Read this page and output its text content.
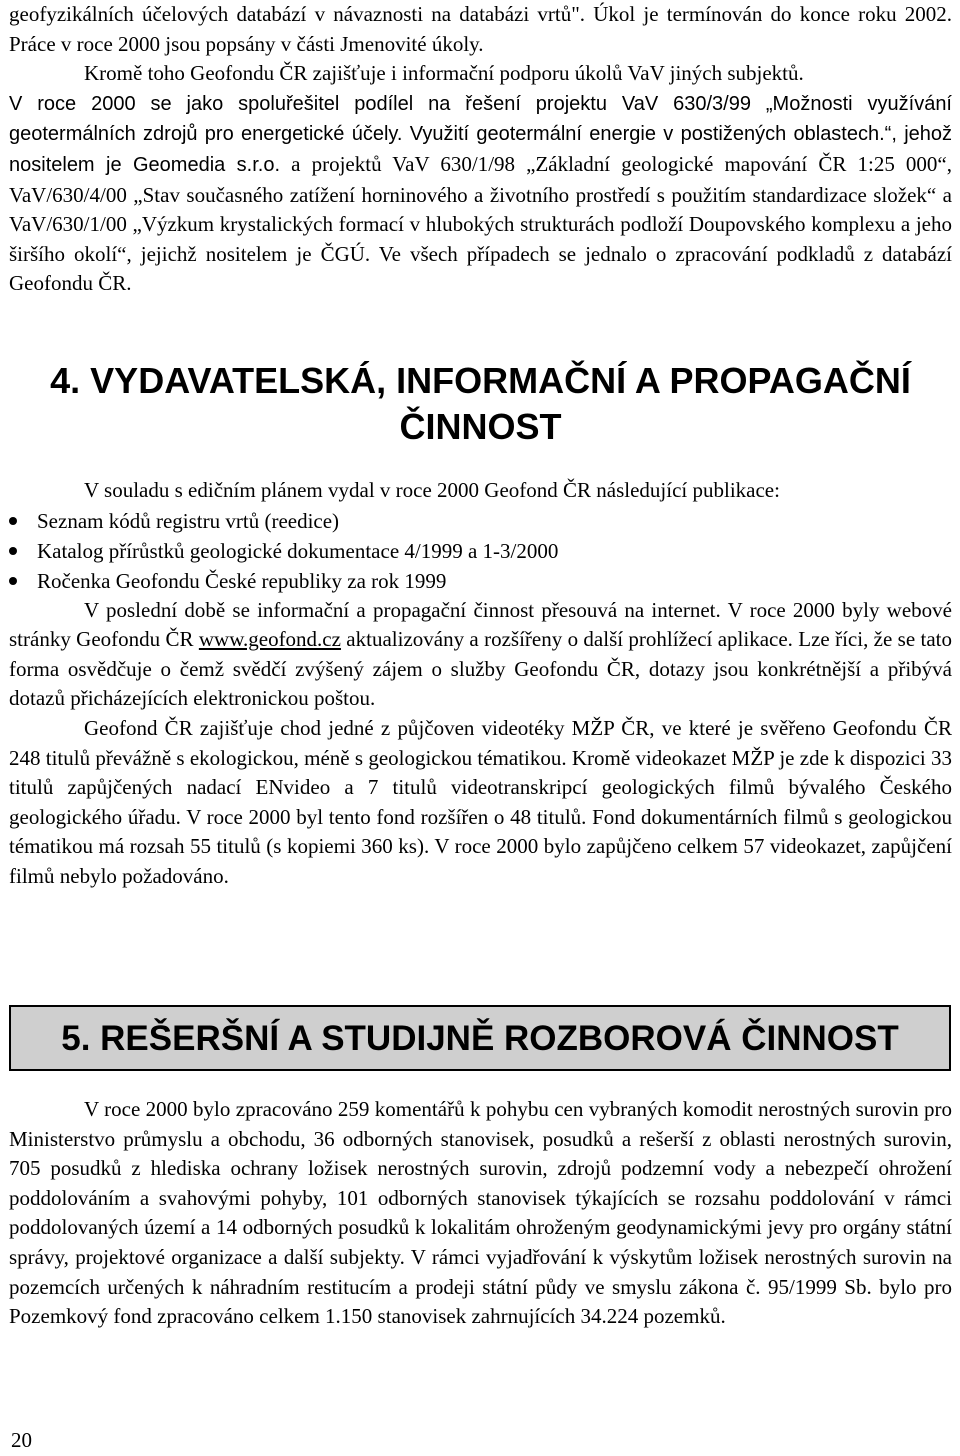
geofyzikálních účelových databází v návaznosti na databázi vrtů". Úkol je termínován do konce roku 2002. Práce v roce 2000 jsou popsány v části Jmenovité úkoly.

Kromě toho Geofondu ČR zajišťuje i informační podporu úkolů VaV jiných subjektů.

V roce 2000 se jako spoluřešitel podílel na řešení projektu VaV 630/3/99 „Možnosti využívání geotermálních zdrojů pro energetické účely. Využití geotermální energie v postižených oblastech.“, jehož nositelem je Geomedia s.r.o. a projektů VaV 630/1/98 „Základní geologické mapování ČR 1:25 000“, VaV/630/4/00 „Stav současného zatížení horninového a životního prostředí s použitím standardizace složek“ a VaV/630/1/00 „Výzkum krystalických formací v hlubokých strukturách podloží Doupovského komplexu a jeho širšího okolí“, jejichž nositelem je ČGÚ. Ve všech případech se jednalo o zpracování podkladů z databází Geofondu ČR.

4. VYDAVATELSKÁ, INFORMAČNÍ A PROPAGAČNÍ
ČINNOST

V souladu s edičním plánem vydal v roce 2000 Geofond ČR následující publikace:

Seznam kódů registru vrtů (reedice)
Katalog přírůstků geologické dokumentace 4/1999 a 1-3/2000
Ročenka Geofondu České republiky za rok 1999

V poslední době se informační a propagační činnost přesouvá na internet. V roce 2000 byly webové stránky Geofondu ČR www.geofond.cz aktualizovány a rozšířeny o další prohlížecí aplikace. Lze říci, že se tato forma osvědčuje o čemž svědčí zvýšený zájem o služby Geofondu ČR, dotazy jsou konkrétnější a přibývá dotazů přicházejících elektronickou poštou.

Geofond ČR zajišťuje chod jedné z půjčoven videotéky MŽP ČR, ve které je svěřeno Geofondu ČR 248 titulů převážně s ekologickou, méně s geologickou tématikou. Kromě videokazet MŽP je zde k dispozici 33 titulů zapůjčených nadací ENvideo a 7 titulů videotranskripcí geologických filmů bývalého Českého geologického úřadu. V roce 2000 byl tento fond rozšířen o 48 titulů. Fond dokumentárních filmů s geologickou tématikou má rozsah 55 titulů (s kopiemi 360 ks). V roce 2000 bylo zapůjčeno celkem 57 videokazet, zapůjčení filmů nebylo požadováno.

5. REŠERŠNÍ A STUDIJNĚ ROZBOROVÁ ČINNOST

V roce 2000 bylo zpracováno 259 komentářů k pohybu cen vybraných komodit nerostných surovin pro Ministerstvo průmyslu a obchodu, 36 odborných stanovisek, posudků a rešerší z oblasti nerostných surovin, 705 posudků z hlediska ochrany ložisek nerostných surovin, zdrojů podzemní vody a nebezpečí ohrožení poddolováním a svahovými pohyby, 101 odborných stanovisek týkajících se rozsahu poddolování v rámci poddolovaných území a 14 odborných posudků k lokalitám ohroženým geodynamickými jevy pro orgány státní správy, projektové organizace a další subjekty. V rámci vyjadřování k výskytům ložisek nerostných surovin na pozemcích určených k náhradním restitucím a prodeji státní půdy ve smyslu zákona č. 95/1999 Sb. bylo pro Pozemkový fond zpracováno celkem 1.150 stanovisek zahrnujících 34.224 pozemků.

20
